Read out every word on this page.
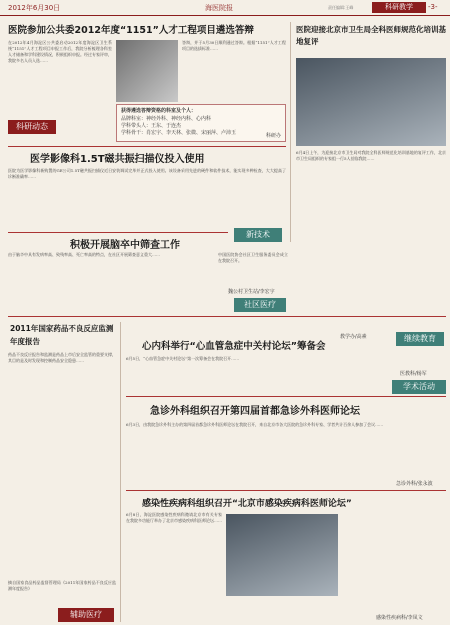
2012年6月30日	海医院报	责任编辑:王峰	科研教学	-3-
医院参加公共委2012年度“1151”人才工程项目遴选答辩
在2012年4月海淀区公共委启动2012年度海淀区卫生系统“1151”人才工程项目申报工作后，我院分析梳理各科室人才储备和学科建设情况，积极组织申报。经过专家评审，我院多名人员入选……
答辩，并于5月30日顺利通过答辩。根据“1151”人才工程项目的选拔标准……
获得遴选答辩资格的科室及个人：
品牌科室：神经外科、神经内科、心内科
学科带头人：王东、于连杰
学科骨干：肖宏宇、李天林、张微、宋丽萍、卢沛玉	科研办
科研动态
医院迎接北京市卫生局全科医师规范化培训基地复评
6月4日上午，为迎接北京市卫生局对我院全科医师规范化培训基地的复评工作，北京市卫生局组织的专家组一行5人莅临我院……
教学办/高素	继续教育
医学影像科1.5T磁共振扫描仪投入使用
医院为医学影像科新购置的GE公司1.5T磁共振扫描仪近日安装调试完毕并正式投入使用。该设备采用先进的硬件和软件技术，能实现多种检查，大大提高了诊断准确率……
新技术
积极开展脑卒中筛查工作
由于脑卒中具有发病率高、致残率高、死亡率高的特点，在社区开展筛查意义重大……	中国医院协会社区卫生服务委员会成立在我院召开。
魏公村卫生站/李宏宇
社区医疗
2011年国家药品不良反应监测年度报告
药品不良反应报告和监测是药品上市后安全监管的重要支撑，其目的是及时发现和控制药品安全隐患……
摘自国家食品药品监督管理局《2011年国家药品不良反应监测年度报告》
辅助医疗
心内科举行“心血管急症中关村论坛”筹备会
6月5日，“心血管急症中关村论坛”第一次筹备会在我院召开……
医教科/杨军
学术活动
急诊外科组织召开第四届首都急诊外科医师论坛
6月3日，由我院急诊外科主办的第四届首都急诊外科医师论坛在我院召开，来自北京市各大医院的急诊外科专家、学者共计百余人参加了会议……
急诊外科/张永波
感染性疾病科组织召开“北京市感染疾病科医师论坛”
6月8日，海淀医院感染性疾病科邀请北京市有关专家在我院多功能厅举办了北京市感染疾病科医师论坛……
感染性疾病科/李凤文
